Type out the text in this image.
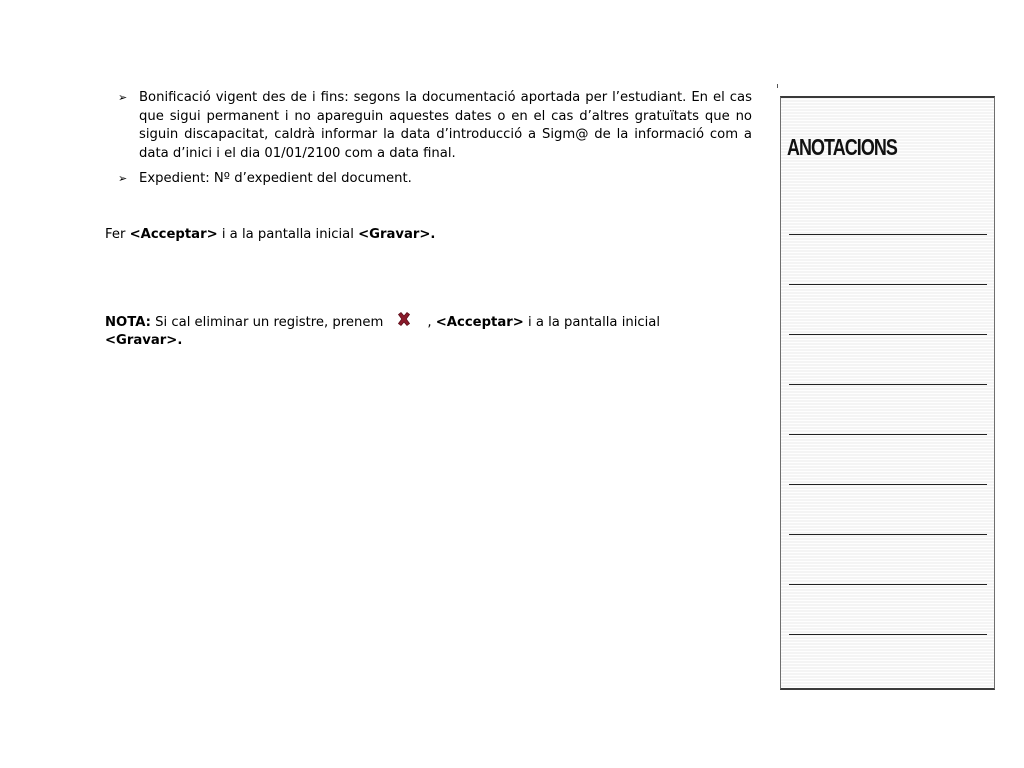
➢ Bonificació vigent des de i fins: segons la documentació aportada per l’estudiant. En el cas que sigui permanent i no apareguin aquestes dates o en el cas d’altres gratuïtats que no siguin discapacitat, caldrà informar la data d’introducció a Sigm@ de la informació com a data d’inici i el dia 01/01/2100 com a data final.
➢ Expedient: Nº d’expedient del document.
Fer <Acceptar> i a la pantalla inicial <Gravar>.
NOTA: Si cal eliminar un registre, prenem	, <Acceptar> i a la pantalla inicial <Gravar>.
ANOTACIONS
